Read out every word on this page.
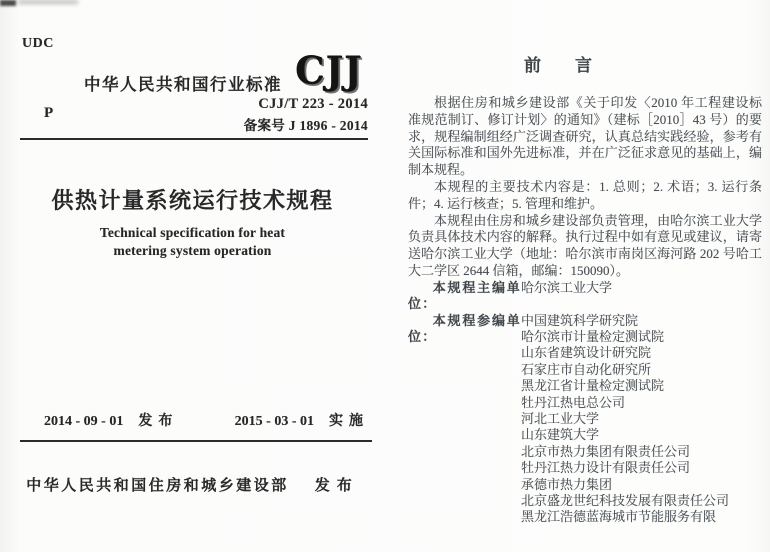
UDC
中华人民共和国行业标准 CJJ
CJJ/T 223 - 2014
备案号 J 1896 - 2014
P
供热计量系统运行技术规程
Technical specification for heat
metering system operation
2014 - 09 - 01 发布	2015 - 03 - 01 实施
中华人民共和国住房和城乡建设部 发布
前　　言

根据住房和城乡建设部《关于印发〈2010 年工程建设标准规范制订、修订计划〉的通知》（建标［2010］43 号）的要求，规程编制组经广泛调查研究，认真总结实践经验，参考有关国际标准和国外先进标准，并在广泛征求意见的基础上，编制本规程。

本规程的主要技术内容是：1. 总则；2. 术语；3. 运行条件；4. 运行核查；5. 管理和维护。

本规程由住房和城乡建设部负责管理，由哈尔滨工业大学负责具体技术内容的解释。执行过程中如有意见或建议，请寄送哈尔滨工业大学（地址：哈尔滨市南岗区海河路 202 号哈工大二学区 2644 信箱，邮编：150090）。

本规程主编单位：
哈尔滨工业大学
本规程参编单位：
中国建筑科学研究院
哈尔滨市计量检定测试院
山东省建筑设计研究院
石家庄市自动化研究所
黑龙江省计量检定测试院
牡丹江热电总公司
河北工业大学
山东建筑大学
北京市热力集团有限责任公司
牡丹江热力设计有限责任公司
承德市热力集团
北京盛龙世纪科技发展有限责任公司
黑龙江浩德蓝海城市节能服务有限
